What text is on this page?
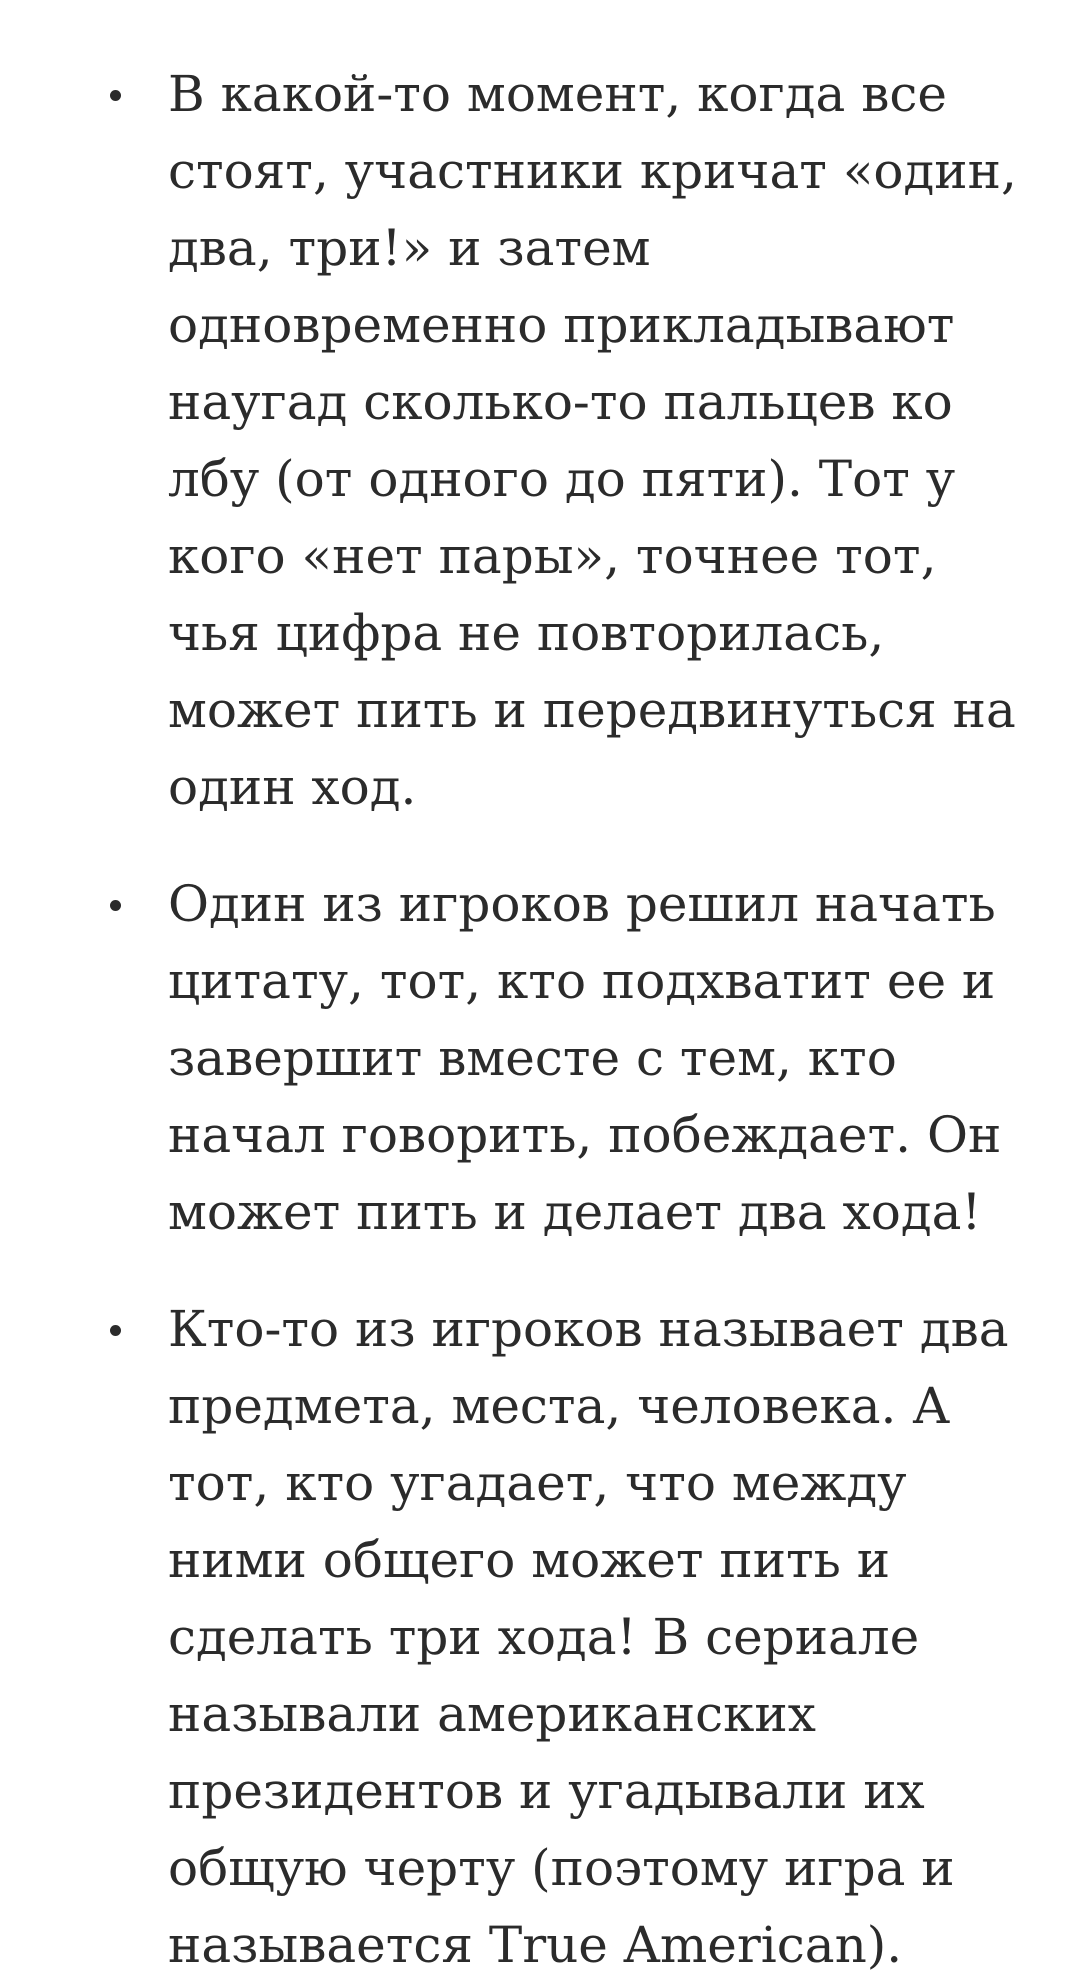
В какой-то момент, когда все стоят, участники кричат «один, два, три!» и затем одновременно прикладывают наугад сколько-то пальцев ко лбу (от одного до пяти). Тот у кого «нет пары», точнее тот, чья цифра не повторилась, может пить и передвинуться на один ход.
Один из игроков решил начать цитату, тот, кто подхватит ее и завершит вместе с тем, кто начал говорить, побеждает. Он может пить и делает два хода!
Кто-то из игроков называет два предмета, места, человека. А тот, кто угадает, что между ними общего может пить и сделать три хода! В сериале называли американских президентов и угадывали их общую черту (поэтому игра и называется True American).
